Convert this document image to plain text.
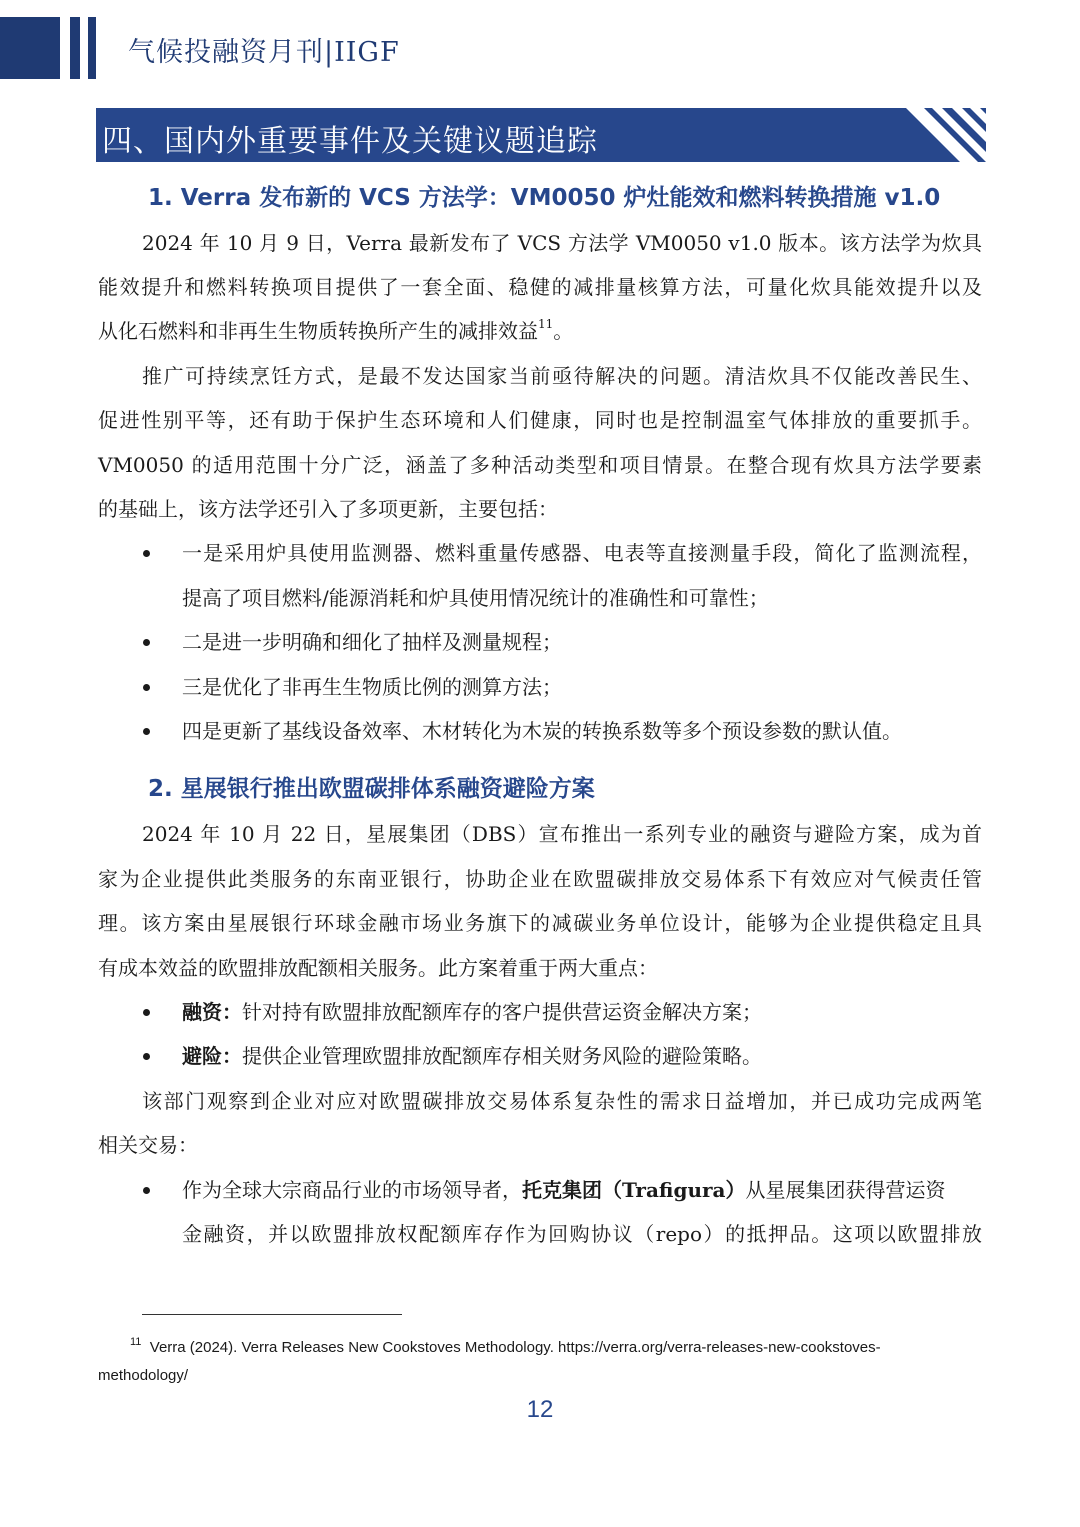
气候投融资月刊|IIGF
四、国内外重要事件及关键议题追踪
1. Verra 发布新的 VCS 方法学：VM0050 炉灶能效和燃料转换措施 v1.0
2024 年 10 月 9 日，Verra 最新发布了 VCS 方法学 VM0050 v1.0 版本。该方法学为炊具
能效提升和燃料转换项目提供了一套全面、稳健的减排量核算方法，可量化炊具能效提升以及
从化石燃料和非再生生物质转换所产生的减排效益$^{11}$。
推广可持续烹饪方式，是最不发达国家当前亟待解决的问题。清洁炊具不仅能改善民生、
促进性别平等，还有助于保护生态环境和人们健康，同时也是控制温室气体排放的重要抓手。
VM0050 的适用范围十分广泛，涵盖了多种活动类型和项目情景。在整合现有炊具方法学要素
的基础上，该方法学还引入了多项更新，主要包括：
一是采用炉具使用监测器、燃料重量传感器、电表等直接测量手段，简化了监测流程，
提高了项目燃料/能源消耗和炉具使用情况统计的准确性和可靠性；
二是进一步明确和细化了抽样及测量规程；
三是优化了非再生生物质比例的测算方法；
四是更新了基线设备效率、木材转化为木炭的转换系数等多个预设参数的默认值。
2. 星展银行推出欧盟碳排体系融资避险方案
2024 年 10 月 22 日，星展集团（DBS）宣布推出一系列专业的融资与避险方案，成为首
家为企业提供此类服务的东南亚银行，协助企业在欧盟碳排放交易体系下有效应对气候责任管
理。该方案由星展银行环球金融市场业务旗下的减碳业务单位设计，能够为企业提供稳定且具
有成本效益的欧盟排放配额相关服务。此方案着重于两大重点：
融资：针对持有欧盟排放配额库存的客户提供营运资金解决方案；
避险：提供企业管理欧盟排放配额库存相关财务风险的避险策略。
该部门观察到企业对应对欧盟碳排放交易体系复杂性的需求日益增加，并已成功完成两笔
相关交易：
作为全球大宗商品行业的市场领导者，托克集团（Trafigura）从星展集团获得营运资
金融资，并以欧盟排放权配额库存作为回购协议（repo）的抵押品。这项以欧盟排放
$^{11}$ Verra (2024). Verra Releases New Cookstoves Methodology. https://verra.org/verra-releases-new-cookstoves-
methodology/
12
